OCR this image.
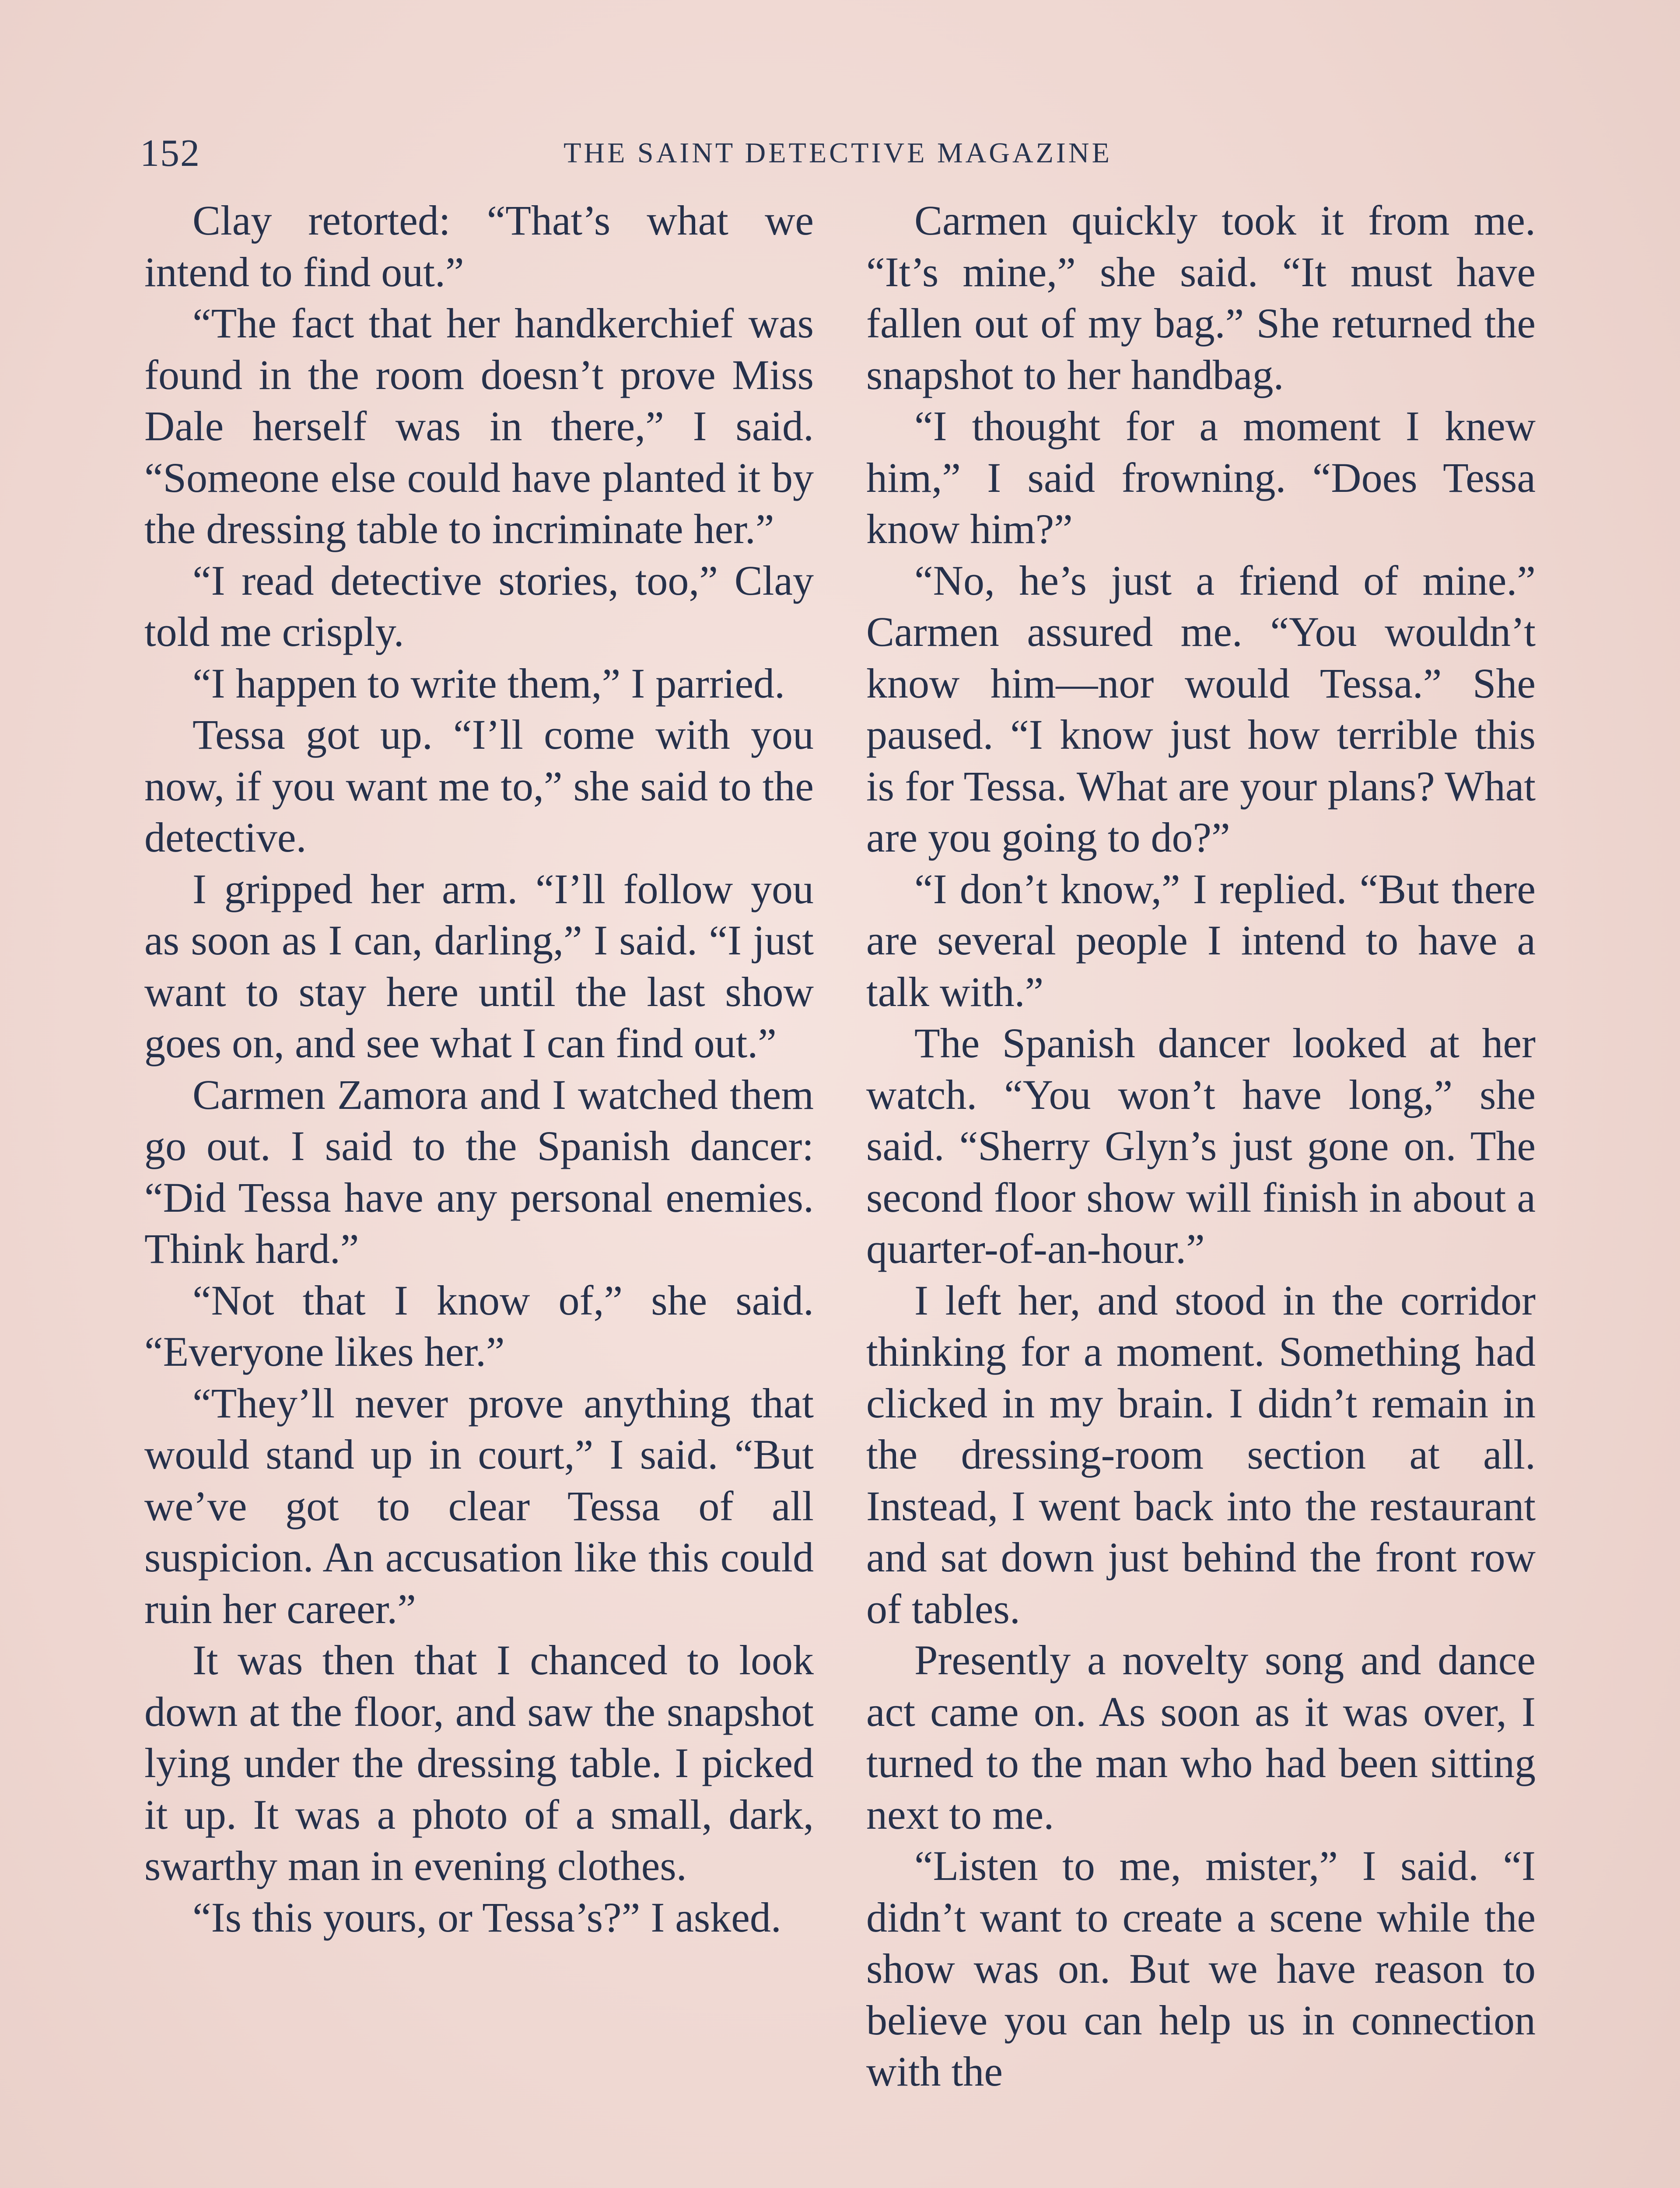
152	THE SAINT DETECTIVE MAGAZINE

Clay retorted: “That’s what we intend to find out.”

“The fact that her handkerchief was found in the room doesn’t prove Miss Dale herself was in there,” I said. “Someone else could have planted it by the dressing table to incriminate her.”

“I read detective stories, too,” Clay told me crisply.

“I happen to write them,” I parried.

Tessa got up. “I’ll come with you now, if you want me to,” she said to the detective.

I gripped her arm. “I’ll follow you as soon as I can, darling,” I said. “I just want to stay here until the last show goes on, and see what I can find out.”

Carmen Zamora and I watched them go out. I said to the Spanish dancer: “Did Tessa have any personal enemies. Think hard.”

“Not that I know of,” she said. “Everyone likes her.”

“They’ll never prove anything that would stand up in court,” I said. “But we’ve got to clear Tessa of all suspicion. An accusation like this could ruin her career.”

It was then that I chanced to look down at the floor, and saw the snapshot lying under the dressing table. I picked it up. It was a photo of a small, dark, swarthy man in evening clothes.

“Is this yours, or Tessa’s?” I asked.

Carmen quickly took it from me. “It’s mine,” she said. “It must have fallen out of my bag.” She returned the snapshot to her handbag.

“I thought for a moment I knew him,” I said frowning. “Does Tessa know him?”

“No, he’s just a friend of mine.” Carmen assured me. “You wouldn’t know him—nor would Tessa.” She paused. “I know just how terrible this is for Tessa. What are your plans? What are you going to do?”

“I don’t know,” I replied. “But there are several people I intend to have a talk with.”

The Spanish dancer looked at her watch. “You won’t have long,” she said. “Sherry Glyn’s just gone on. The second floor show will finish in about a quarter-of-an-hour.”

I left her, and stood in the corridor thinking for a moment. Something had clicked in my brain. I didn’t remain in the dressing-room section at all. Instead, I went back into the restaurant and sat down just behind the front row of tables.

Presently a novelty song and dance act came on. As soon as it was over, I turned to the man who had been sitting next to me.

“Listen to me, mister,” I said. “I didn’t want to create a scene while the show was on. But we have reason to believe you can help us in connection with the
